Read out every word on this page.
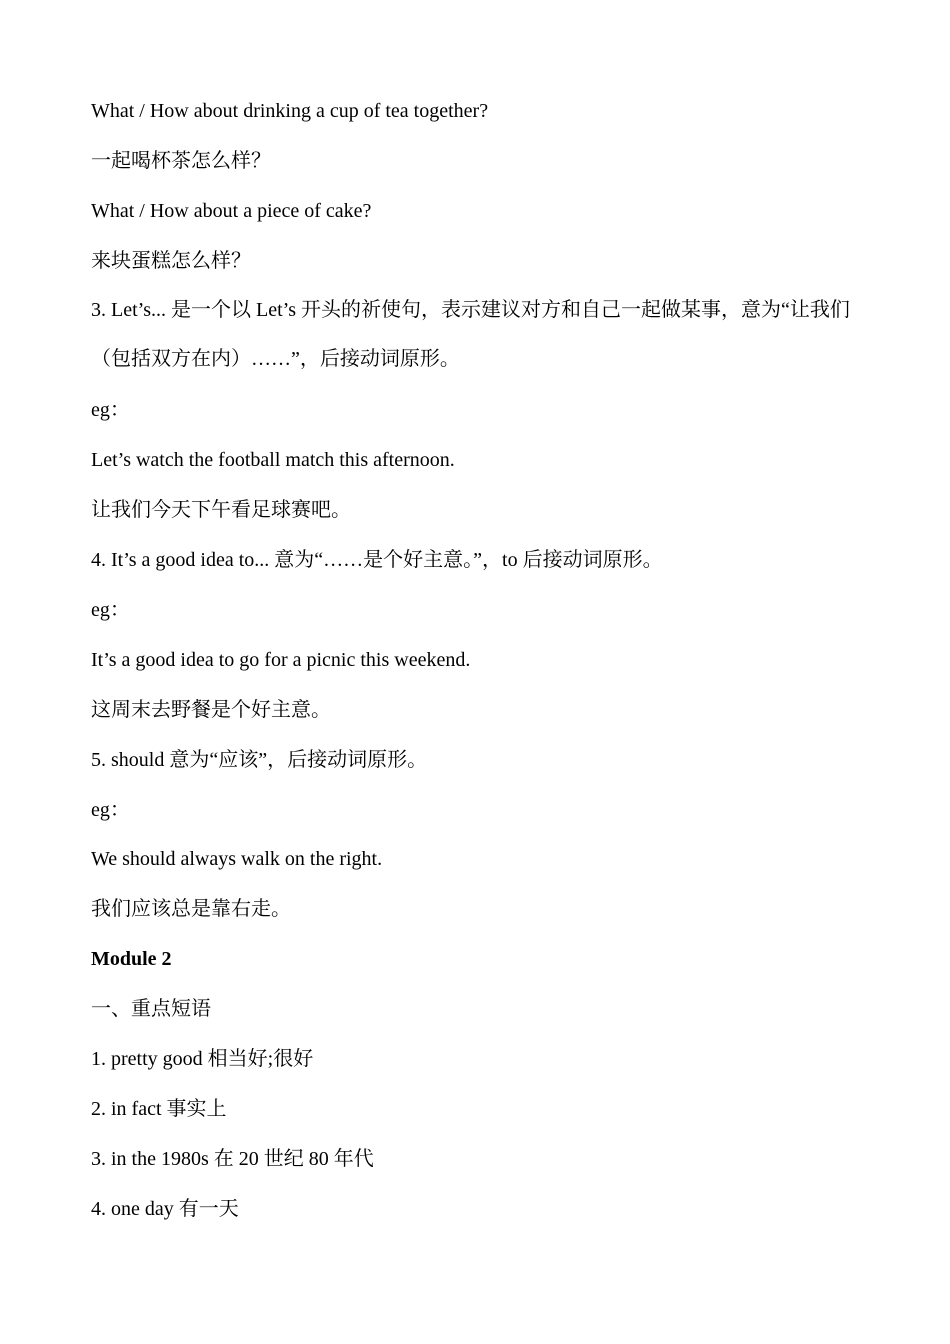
What / How about drinking a cup of tea together?
一起喝杯茶怎么样？
What / How about a piece of cake?
来块蛋糕怎么样？
3. Let’s... 是一个以 Let’s 开头的祈使句，表示建议对方和自己一起做某事，意为“让我们（包括双方在内）……”，后接动词原形。
eg：
Let’s watch the football match this afternoon.
让我们今天下午看足球赛吧。
4. It’s a good idea to... 意为“……是个好主意。”，to 后接动词原形。
eg：
It’s a good idea to go for a picnic this weekend.
这周末去野餐是个好主意。
5. should 意为“应该”，后接动词原形。
eg：
We should always walk on the right.
我们应该总是靠右走。
Module 2
一、重点短语
1. pretty good 相当好;很好
2. in fact 事实上
3. in the 1980s 在 20 世纪 80 年代
4. one day 有一天
